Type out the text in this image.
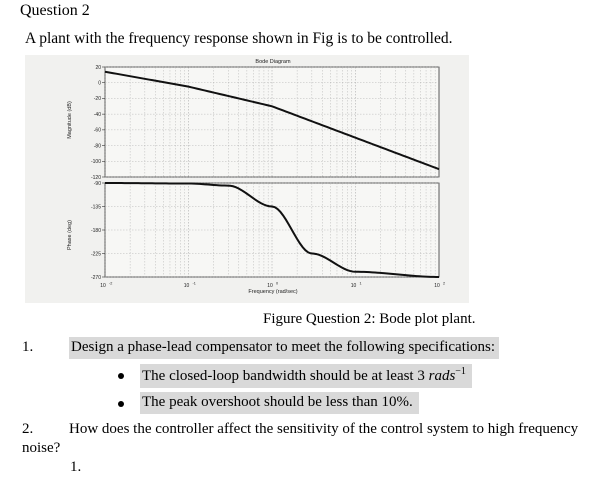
Question 2
A plant with the frequency response shown in Fig is to be controlled.
Bode Diagram
Magnitude (dB)
Phase (deg)
Frequency (rad/sec)
20
0
-20
-40
-60
-80
-100
-120
-90
-135
-180
-225
-270
10 -2	10 -1	10 0	10 1	10 2
Figure Question 2: Bode plot plant.
1.	Design a phase-lead compensator to meet the following specifications:
The closed-loop bandwidth should be at least 3 rads$^{-1}$
The peak overshoot should be less than 10%.
2. How does the controller affect the sensitivity of the control system to high frequency
noise?
1.
